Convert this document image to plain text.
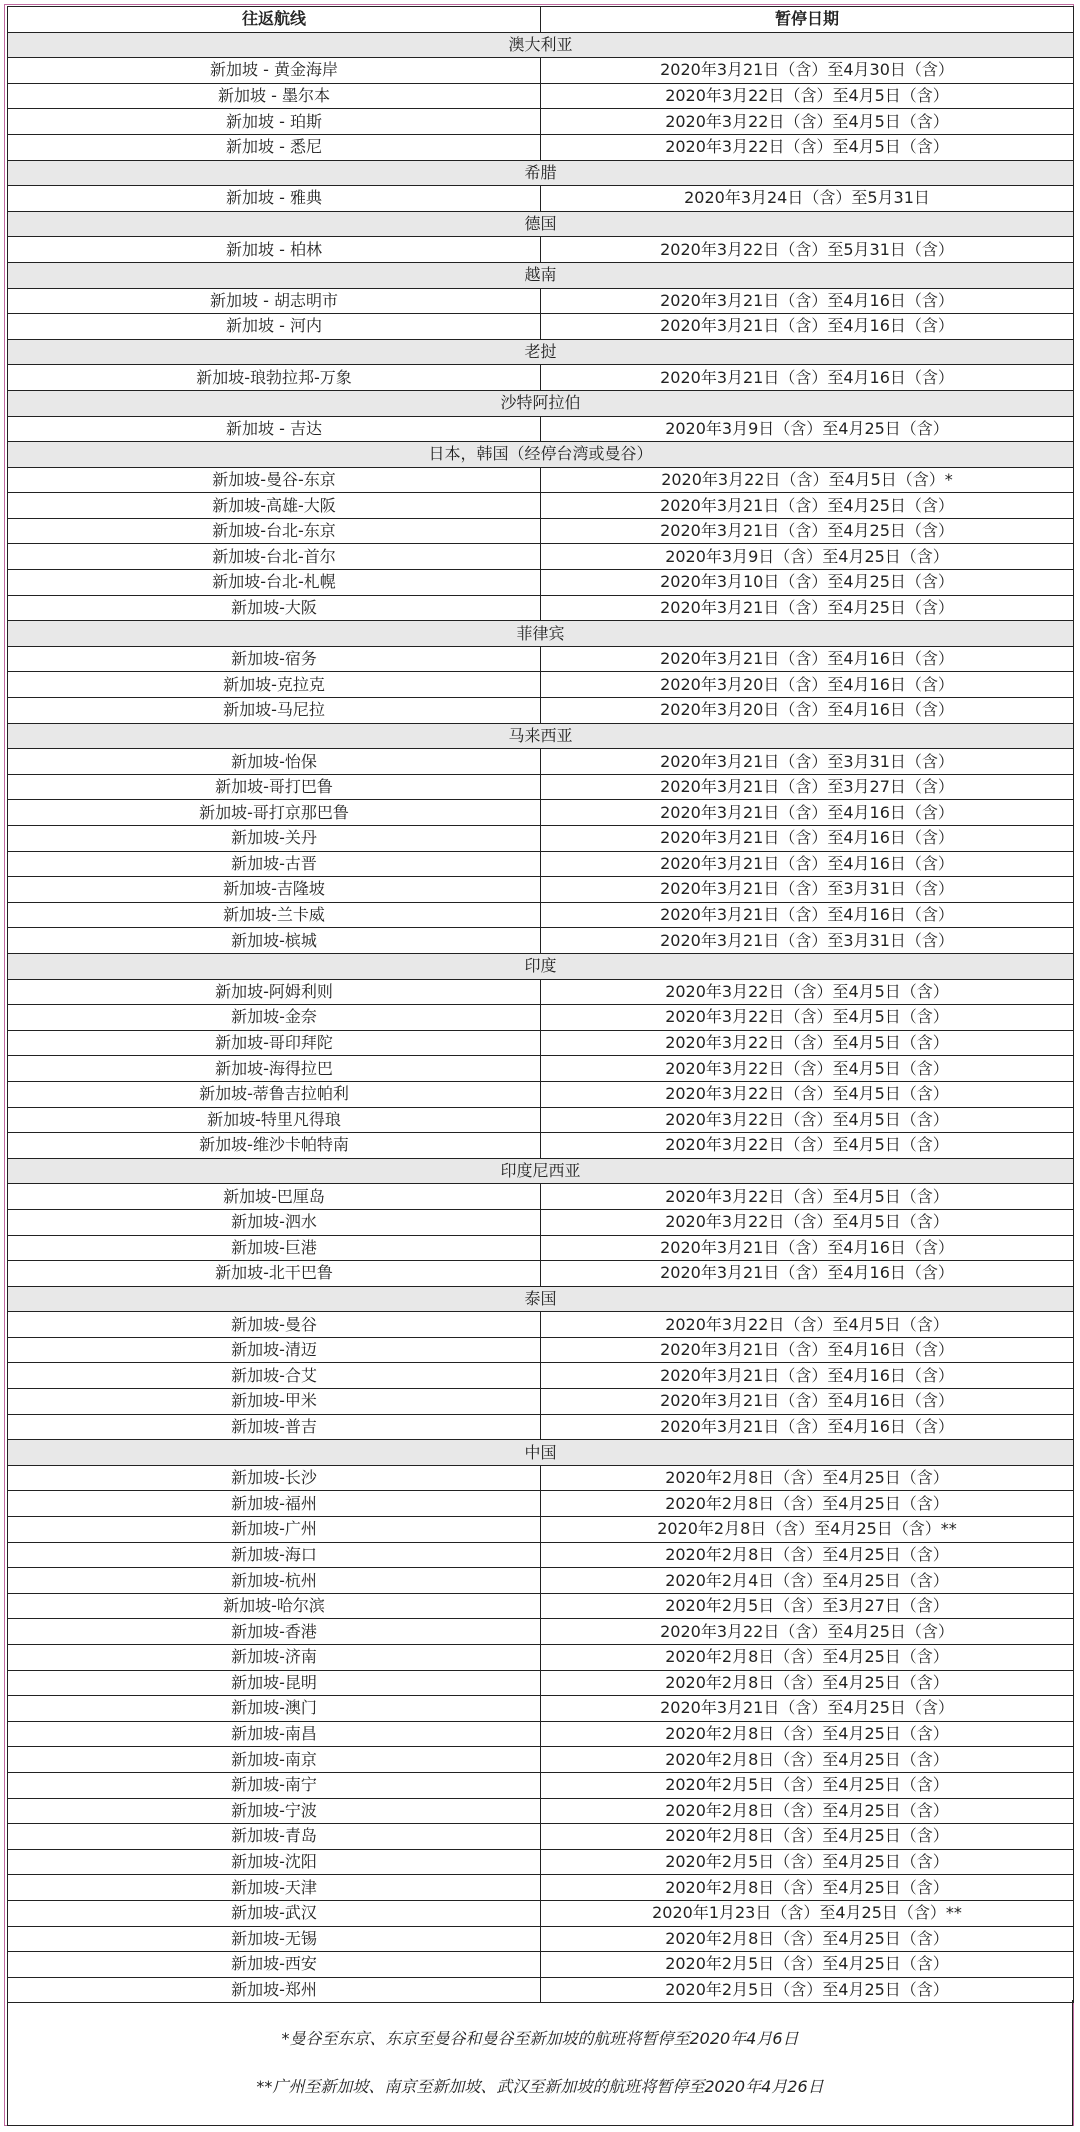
往返航线	暂停日期
澳大利亚	
新加坡 - 黄金海岸	2020年3月21日（含）至4月30日（含）
新加坡 - 墨尔本	2020年3月22日（含）至4月5日（含）
新加坡 - 珀斯	2020年3月22日（含）至4月5日（含）
新加坡 - 悉尼	2020年3月22日（含）至4月5日（含）
希腊	
新加坡 - 雅典	2020年3月24日（含）至5月31日
德国	
新加坡 - 柏林	2020年3月22日（含）至5月31日（含）
越南	
新加坡 - 胡志明市	2020年3月21日（含）至4月16日（含）
新加坡 - 河内	2020年3月21日（含）至4月16日（含）
老挝	
新加坡-琅勃拉邦-万象	2020年3月21日（含）至4月16日（含）
沙特阿拉伯	
新加坡 - 吉达	2020年3月9日（含）至4月25日（含）
日本，韩国（经停台湾或曼谷）	
新加坡-曼谷-东京	2020年3月22日（含）至4月5日（含）*
新加坡-高雄-大阪	2020年3月21日（含）至4月25日（含）
新加坡-台北-东京	2020年3月21日（含）至4月25日（含）
新加坡-台北-首尔	2020年3月9日（含）至4月25日（含）
新加坡-台北-札幌	2020年3月10日（含）至4月25日（含）
新加坡-大阪	2020年3月21日（含）至4月25日（含）
菲律宾	
新加坡-宿务	2020年3月21日（含）至4月16日（含）
新加坡-克拉克	2020年3月20日（含）至4月16日（含）
新加坡-马尼拉	2020年3月20日（含）至4月16日（含）
马来西亚	
新加坡-怡保	2020年3月21日（含）至3月31日（含）
新加坡-哥打巴鲁	2020年3月21日（含）至3月27日（含）
新加坡-哥打京那巴鲁	2020年3月21日（含）至4月16日（含）
新加坡-关丹	2020年3月21日（含）至4月16日（含）
新加坡-古晋	2020年3月21日（含）至4月16日（含）
新加坡-吉隆坡	2020年3月21日（含）至3月31日（含）
新加坡-兰卡威	2020年3月21日（含）至4月16日（含）
新加坡-槟城	2020年3月21日（含）至3月31日（含）
印度	
新加坡-阿姆利则	2020年3月22日（含）至4月5日（含）
新加坡-金奈	2020年3月22日（含）至4月5日（含）
新加坡-哥印拜陀	2020年3月22日（含）至4月5日（含）
新加坡-海得拉巴	2020年3月22日（含）至4月5日（含）
新加坡-蒂鲁吉拉帕利	2020年3月22日（含）至4月5日（含）
新加坡-特里凡得琅	2020年3月22日（含）至4月5日（含）
新加坡-维沙卡帕特南	2020年3月22日（含）至4月5日（含）
印度尼西亚	
新加坡-巴厘岛	2020年3月22日（含）至4月5日（含）
新加坡-泗水	2020年3月22日（含）至4月5日（含）
新加坡-巨港	2020年3月21日（含）至4月16日（含）
新加坡-北干巴鲁	2020年3月21日（含）至4月16日（含）
泰国	
新加坡-曼谷	2020年3月22日（含）至4月5日（含）
新加坡-清迈	2020年3月21日（含）至4月16日（含）
新加坡-合艾	2020年3月21日（含）至4月16日（含）
新加坡-甲米	2020年3月21日（含）至4月16日（含）
新加坡-普吉	2020年3月21日（含）至4月16日（含）
中国	
新加坡-长沙	2020年2月8日（含）至4月25日（含）
新加坡-福州	2020年2月8日（含）至4月25日（含）
新加坡-广州	2020年2月8日（含）至4月25日（含）**
新加坡-海口	2020年2月8日（含）至4月25日（含）
新加坡-杭州	2020年2月4日（含）至4月25日（含）
新加坡-哈尔滨	2020年2月5日（含）至3月27日（含）
新加坡-香港	2020年3月22日（含）至4月25日（含）
新加坡-济南	2020年2月8日（含）至4月25日（含）
新加坡-昆明	2020年2月8日（含）至4月25日（含）
新加坡-澳门	2020年3月21日（含）至4月25日（含）
新加坡-南昌	2020年2月8日（含）至4月25日（含）
新加坡-南京	2020年2月8日（含）至4月25日（含）
新加坡-南宁	2020年2月5日（含）至4月25日（含）
新加坡-宁波	2020年2月8日（含）至4月25日（含）
新加坡-青岛	2020年2月8日（含）至4月25日（含）
新加坡-沈阳	2020年2月5日（含）至4月25日（含）
新加坡-天津	2020年2月8日（含）至4月25日（含）
新加坡-武汉	2020年1月23日（含）至4月25日（含）**
新加坡-无锡	2020年2月8日（含）至4月25日（含）
新加坡-西安	2020年2月5日（含）至4月25日（含）
新加坡-郑州	2020年2月5日（含）至4月25日（含）
*曼谷至东京、东京至曼谷和曼谷至新加坡的航班将暂停至2020年4月6日
**广州至新加坡、南京至新加坡、武汉至新加坡的航班将暂停至2020年4月26日
